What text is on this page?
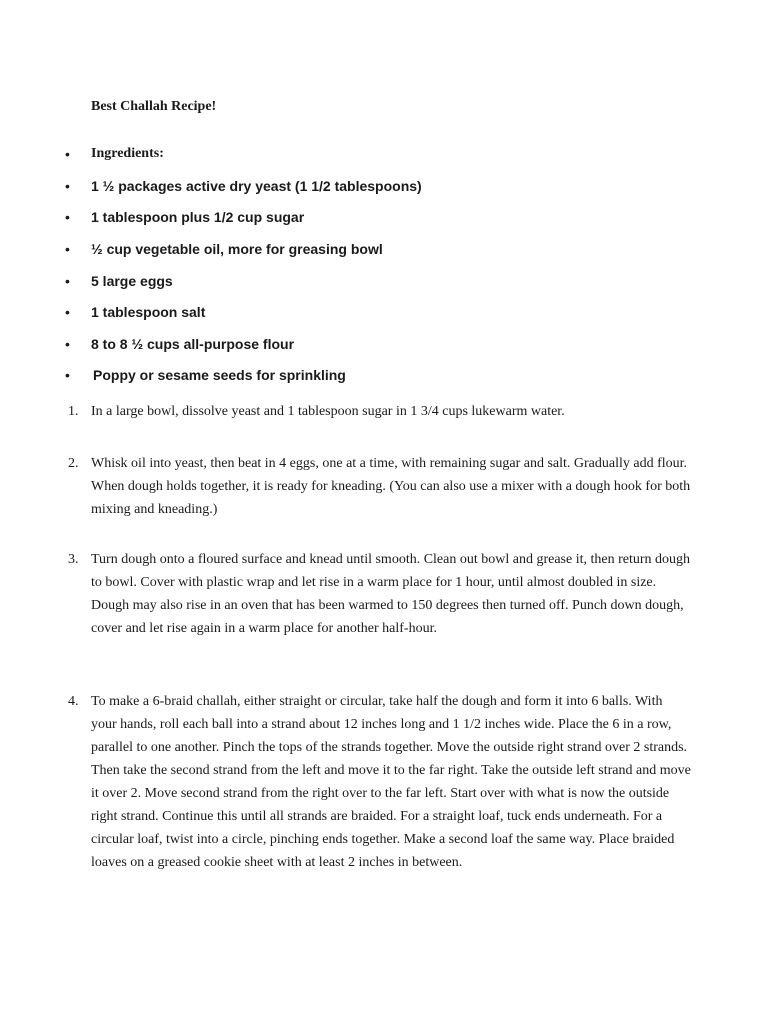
Best Challah Recipe!
• Ingredients:
• 1 ½ packages active dry yeast (1 1/2 tablespoons)
• 1 tablespoon plus 1/2 cup sugar
• ½ cup vegetable oil, more for greasing bowl
• 5 large eggs
• 1 tablespoon salt
• 8 to 8 ½ cups all-purpose flour
• Poppy or sesame seeds for sprinkling
1. In a large bowl, dissolve yeast and 1 tablespoon sugar in 1 3/4 cups lukewarm water.

2. Whisk oil into yeast, then beat in 4 eggs, one at a time, with remaining sugar and salt. Gradually add flour. When dough holds together, it is ready for kneading. (You can also use a mixer with a dough hook for both mixing and kneading.)

3. Turn dough onto a floured surface and knead until smooth. Clean out bowl and grease it, then return dough to bowl. Cover with plastic wrap and let rise in a warm place for 1 hour, until almost doubled in size. Dough may also rise in an oven that has been warmed to 150 degrees then turned off. Punch down dough, cover and let rise again in a warm place for another half-hour.

4. To make a 6-braid challah, either straight or circular, take half the dough and form it into 6 balls. With your hands, roll each ball into a strand about 12 inches long and 1 1/2 inches wide. Place the 6 in a row, parallel to one another. Pinch the tops of the strands together. Move the outside right strand over 2 strands. Then take the second strand from the left and move it to the far right. Take the outside left strand and move it over 2. Move second strand from the right over to the far left. Start over with what is now the outside right strand. Continue this until all strands are braided. For a straight loaf, tuck ends underneath. For a circular loaf, twist into a circle, pinching ends together. Make a second loaf the same way. Place braided loaves on a greased cookie sheet with at least 2 inches in between.
